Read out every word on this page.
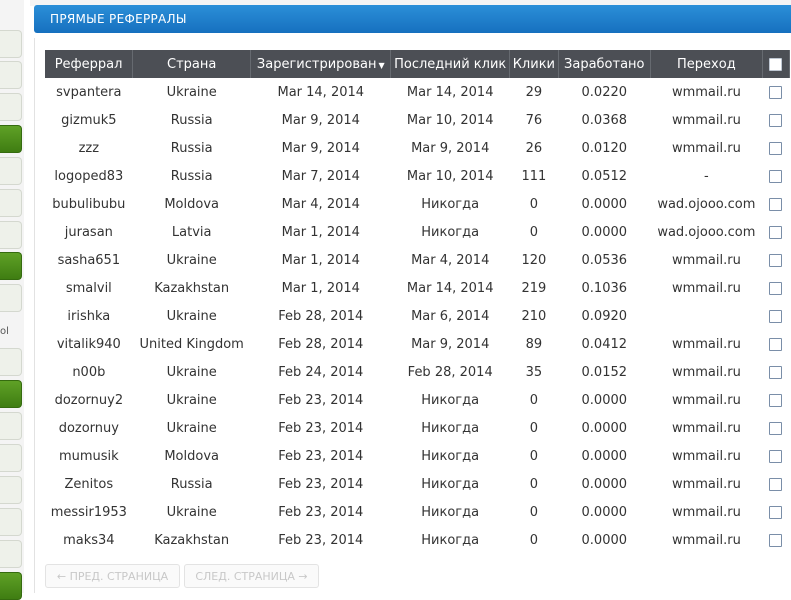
ol
ПРЯМЫЕ РЕФЕРРАЛЫ
Реферрал	Страна	Зарегистрирован ▼	Последний клик	Клики	Заработано	Переход	
svpantera	Ukraine	Mar 14, 2014	Mar 14, 2014	29	0.0220	wmmail.ru	
gizmuk5	Russia	Mar 9, 2014	Mar 10, 2014	76	0.0368	wmmail.ru	
zzz	Russia	Mar 9, 2014	Mar 9, 2014	26	0.0120	wmmail.ru	
logoped83	Russia	Mar 7, 2014	Mar 10, 2014	111	0.0512	-	
bubulibubu	Moldova	Mar 4, 2014	Никогда	0	0.0000	wad.ojooo.com	
jurasan	Latvia	Mar 1, 2014	Никогда	0	0.0000	wad.ojooo.com	
sasha651	Ukraine	Mar 1, 2014	Mar 4, 2014	120	0.0536	wmmail.ru	
smalvil	Kazakhstan	Mar 1, 2014	Mar 14, 2014	219	0.1036	wmmail.ru	
irishka	Ukraine	Feb 28, 2014	Mar 6, 2014	210	0.0920		
vitalik940	United Kingdom	Feb 28, 2014	Mar 9, 2014	89	0.0412	wmmail.ru	
n00b	Ukraine	Feb 24, 2014	Feb 28, 2014	35	0.0152	wmmail.ru	
dozornuy2	Ukraine	Feb 23, 2014	Никогда	0	0.0000	wmmail.ru	
dozornuy	Ukraine	Feb 23, 2014	Никогда	0	0.0000	wmmail.ru	
mumusik	Moldova	Feb 23, 2014	Никогда	0	0.0000	wmmail.ru	
Zenitos	Russia	Feb 23, 2014	Никогда	0	0.0000	wmmail.ru	
messir1953	Ukraine	Feb 23, 2014	Никогда	0	0.0000	wmmail.ru	
maks34	Kazakhstan	Feb 23, 2014	Никогда	0	0.0000	wmmail.ru	
← ПРЕД. СТРАНИЦА	СЛЕД. СТРАНИЦА →
